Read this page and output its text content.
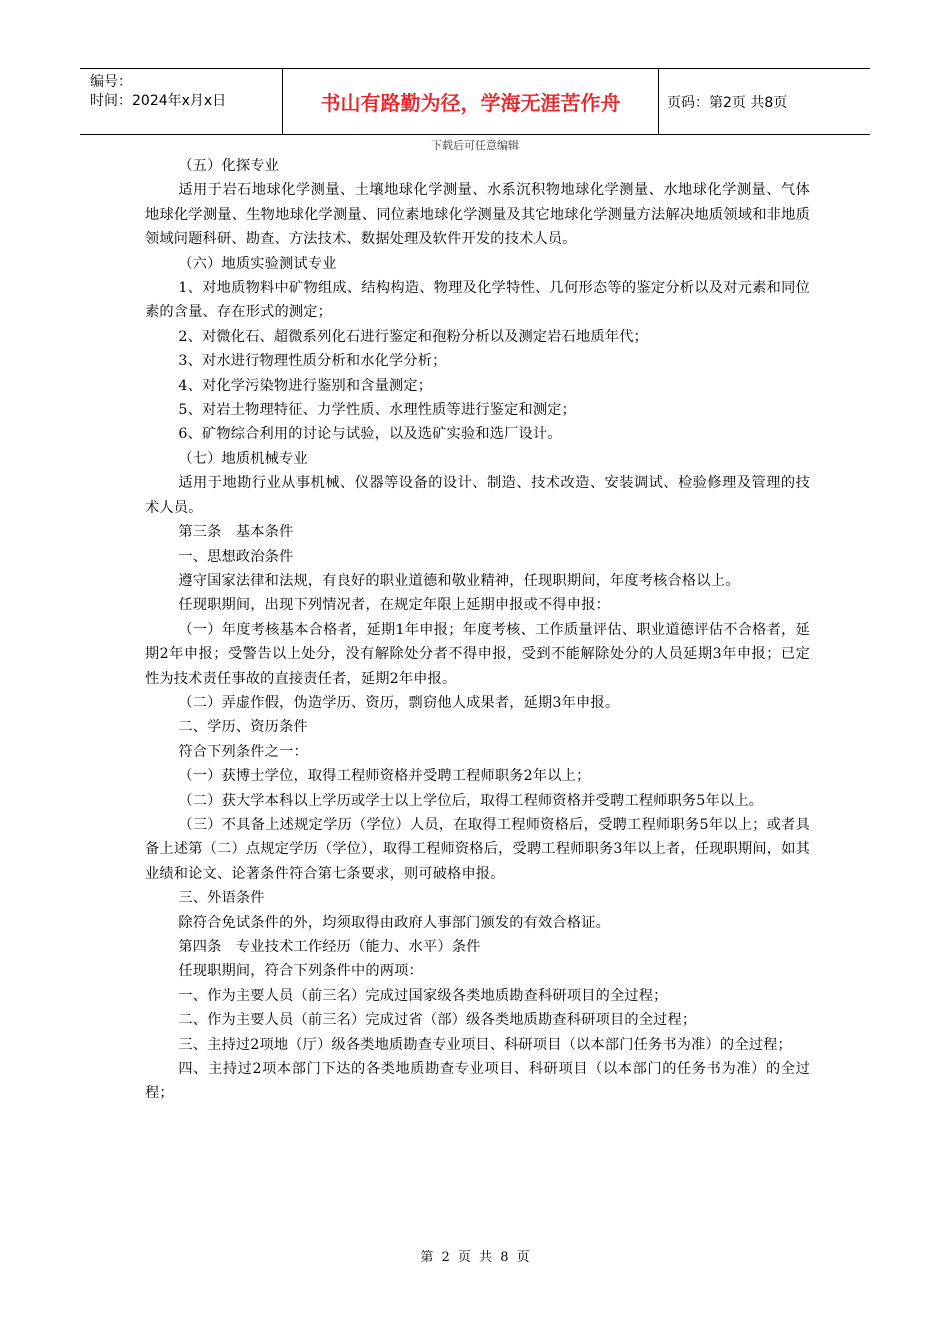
编号：
时间：2024年x月x日	书山有路勤为径，学海无涯苦作舟	页码：第2页 共8页
下载后可任意编辑

（五）化探专业

适用于岩石地球化学测量、土壤地球化学测量、水系沉积物地球化学测量、水地球化学测量、气体地球化学测量、生物地球化学测量、同位素地球化学测量及其它地球化学测量方法解决地质领域和非地质领域问题科研、勘查、方法技术、数据处理及软件开发的技术人员。

（六）地质实验测试专业

1、对地质物料中矿物组成、结构构造、物理及化学特性、几何形态等的鉴定分析以及对元素和同位素的含量、存在形式的测定；

2、对微化石、超微系列化石进行鉴定和孢粉分析以及测定岩石地质年代；

3、对水进行物理性质分析和水化学分析；

4、对化学污染物进行鉴别和含量测定；

5、对岩土物理特征、力学性质、水理性质等进行鉴定和测定；

6、矿物综合利用的讨论与试验，以及选矿实验和选厂设计。

（七）地质机械专业

适用于地勘行业从事机械、仪器等设备的设计、制造、技术改造、安装调试、检验修理及管理的技术人员。

第三条　基本条件

一、思想政治条件

遵守国家法律和法规，有良好的职业道德和敬业精神，任现职期间，年度考核合格以上。

任现职期间，出现下列情况者，在规定年限上延期申报或不得申报：

（一）年度考核基本合格者，延期1年申报；年度考核、工作质量评估、职业道德评估不合格者，延期2年申报；受警告以上处分，没有解除处分者不得申报，受到不能解除处分的人员延期3年申报；已定性为技术责任事故的直接责任者，延期2年申报。

（二）弄虚作假，伪造学历、资历，剽窃他人成果者，延期3年申报。

二、学历、资历条件

符合下列条件之一：

（一）获博士学位，取得工程师资格并受聘工程师职务2年以上；

（二）获大学本科以上学历或学士以上学位后，取得工程师资格并受聘工程师职务5年以上。

（三）不具备上述规定学历（学位）人员，在取得工程师资格后，受聘工程师职务5年以上；或者具备上述第（二）点规定学历（学位），取得工程师资格后，受聘工程师职务3年以上者，任现职期间，如其业绩和论文、论著条件符合第七条要求，则可破格申报。

三、外语条件

除符合免试条件的外，均须取得由政府人事部门颁发的有效合格证。

第四条　专业技术工作经历（能力、水平）条件

任现职期间，符合下列条件中的两项：

一、作为主要人员（前三名）完成过国家级各类地质勘查科研项目的全过程；

二、作为主要人员（前三名）完成过省（部）级各类地质勘查科研项目的全过程；

三、主持过2项地（厅）级各类地质勘查专业项目、科研项目（以本部门任务书为准）的全过程；

四、主持过2项本部门下达的各类地质勘查专业项目、科研项目（以本部门的任务书为准）的全过程；

第 2 页 共 8 页
